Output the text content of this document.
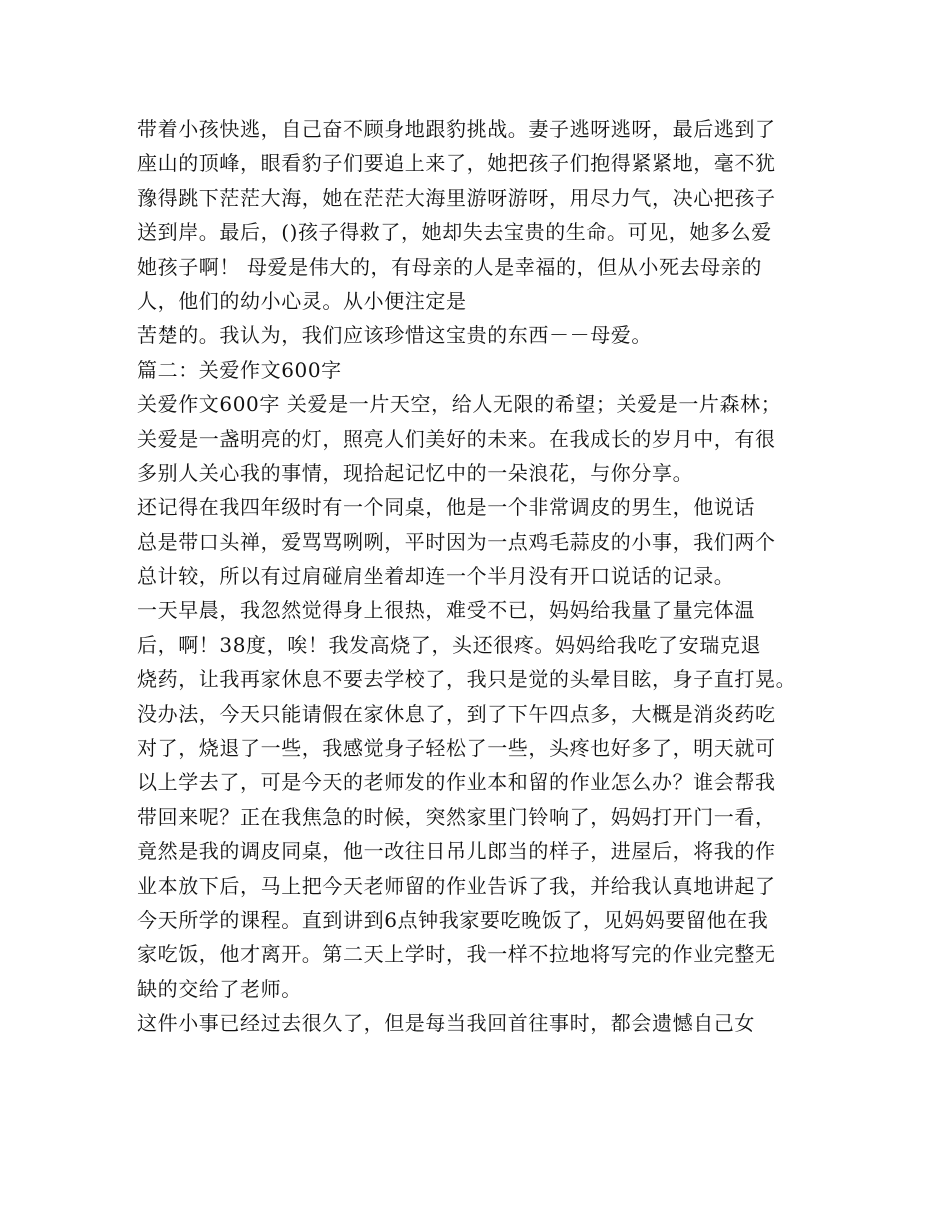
带着小孩快逃，自己奋不顾身地跟豹挑战。妻子逃呀逃呀，最后逃到了
座山的顶峰，眼看豹子们要追上来了，她把孩子们抱得紧紧地，毫不犹
豫得跳下茫茫大海，她在茫茫大海里游呀游呀，用尽力气，决心把孩子
送到岸。最后，()孩子得救了，她却失去宝贵的生命。可见，她多么爱
她孩子啊！ 母爱是伟大的，有母亲的人是幸福的，但从小死去母亲的
人，他们的幼小心灵。从小便注定是
苦楚的。我认为，我们应该珍惜这宝贵的东西－－母爱。
篇二：关爱作文600字
关爱作文600字 关爱是一片天空，给人无限的希望；关爱是一片森林；
关爱是一盏明亮的灯，照亮人们美好的未来。在我成长的岁月中，有很
多别人关心我的事情，现拾起记忆中的一朵浪花，与你分享。
还记得在我四年级时有一个同桌，他是一个非常调皮的男生，他说话
总是带口头禅，爱骂骂咧咧，平时因为一点鸡毛蒜皮的小事，我们两个
总计较，所以有过肩碰肩坐着却连一个半月没有开口说话的记录。
一天早晨，我忽然觉得身上很热，难受不已，妈妈给我量了量完体温
后，啊！38度，唉！我发高烧了，头还很疼。妈妈给我吃了安瑞克退
烧药，让我再家休息不要去学校了，我只是觉的头晕目眩，身子直打晃。
没办法，今天只能请假在家休息了，到了下午四点多，大概是消炎药吃
对了，烧退了一些，我感觉身子轻松了一些，头疼也好多了，明天就可
以上学去了，可是今天的老师发的作业本和留的作业怎么办？谁会帮我
带回来呢？正在我焦急的时候，突然家里门铃响了，妈妈打开门一看，
竟然是我的调皮同桌，他一改往日吊儿郎当的样子，进屋后，将我的作
业本放下后，马上把今天老师留的作业告诉了我，并给我认真地讲起了
今天所学的课程。直到讲到6点钟我家要吃晚饭了，见妈妈要留他在我
家吃饭，他才离开。第二天上学时，我一样不拉地将写完的作业完整无
缺的交给了老师。
这件小事已经过去很久了，但是每当我回首往事时，都会遗憾自己女
